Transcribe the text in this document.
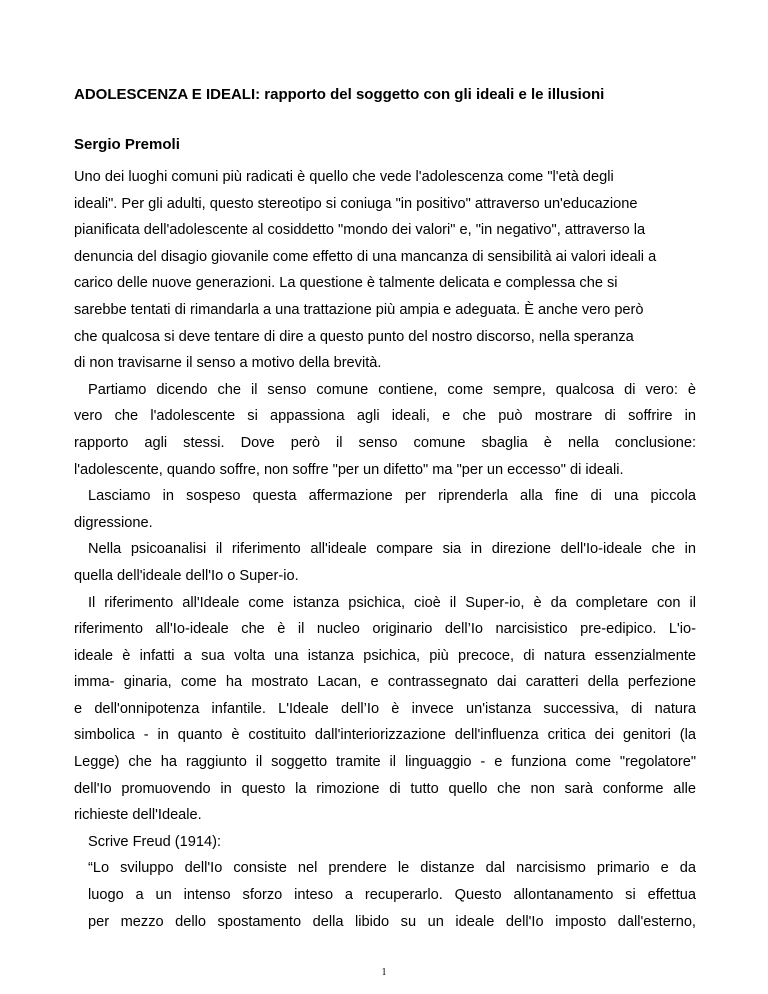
ADOLESCENZA E IDEALI: rapporto del soggetto con gli ideali e le illusioni
Sergio Premoli
Uno dei luoghi comuni più radicati è quello che vede l'adolescenza come "l'età degli
ideali". Per gli adulti, questo stereotipo si coniuga "in positivo" attraverso un'educazione
pianificata dell'adolescente al cosiddetto "mondo dei valori" e, "in negativo", attraverso la
denuncia del disagio giovanile come effetto di una mancanza di sensibilità ai valori ideali a
carico delle nuove generazioni. La questione è talmente delicata e complessa che si
sarebbe tentati di rimandarla a una trattazione più ampia e adeguata. È anche vero però
che qualcosa si deve tentare di dire a questo punto del nostro discorso, nella speranza
di non travisarne il senso a motivo della brevità.
Partiamo dicendo che il senso comune contiene, come sempre, qualcosa di vero: è
vero che l'adolescente si appassiona agli ideali, e che può mostrare di soffrire in
rapporto agli stessi. Dove però il senso comune sbaglia è nella conclusione:
l'adolescente, quando soffre, non soffre "per un difetto" ma "per un eccesso" di ideali.
Lasciamo in sospeso questa affermazione per riprenderla alla fine di una piccola
digressione.
Nella psicoanalisi il riferimento all'ideale compare sia in direzione dell'Io-ideale che in
quella dell'ideale dell'Io o Super-io.
Il riferimento all'Ideale come istanza psichica, cioè il Super-io, è da completare con il
riferimento all'Io-ideale che è il nucleo originario dell’Io narcisistico pre-edipico. L'io-
ideale è infatti a sua volta una istanza psichica, più precoce, di natura essenzialmente
imma- ginaria, come ha mostrato Lacan, e contrassegnato dai caratteri della perfezione
e dell'onnipotenza infantile. L'Ideale dell’Io è invece un'istanza successiva, di natura
simbolica - in quanto è costituito dall'interiorizzazione dell'influenza critica dei genitori (la
Legge) che ha raggiunto il soggetto tramite il linguaggio - e funziona come "regolatore"
dell'Io promuovendo in questo la rimozione di tutto quello che non sarà conforme alle
richieste dell'Ideale.
Scrive Freud (1914):
“Lo sviluppo dell'Io consiste nel prendere le distanze dal narcisismo primario e da
luogo a un intenso sforzo inteso a recuperarlo. Questo allontanamento si effettua
per mezzo dello spostamento della libido su un ideale dell'Io imposto dall'esterno,
1
